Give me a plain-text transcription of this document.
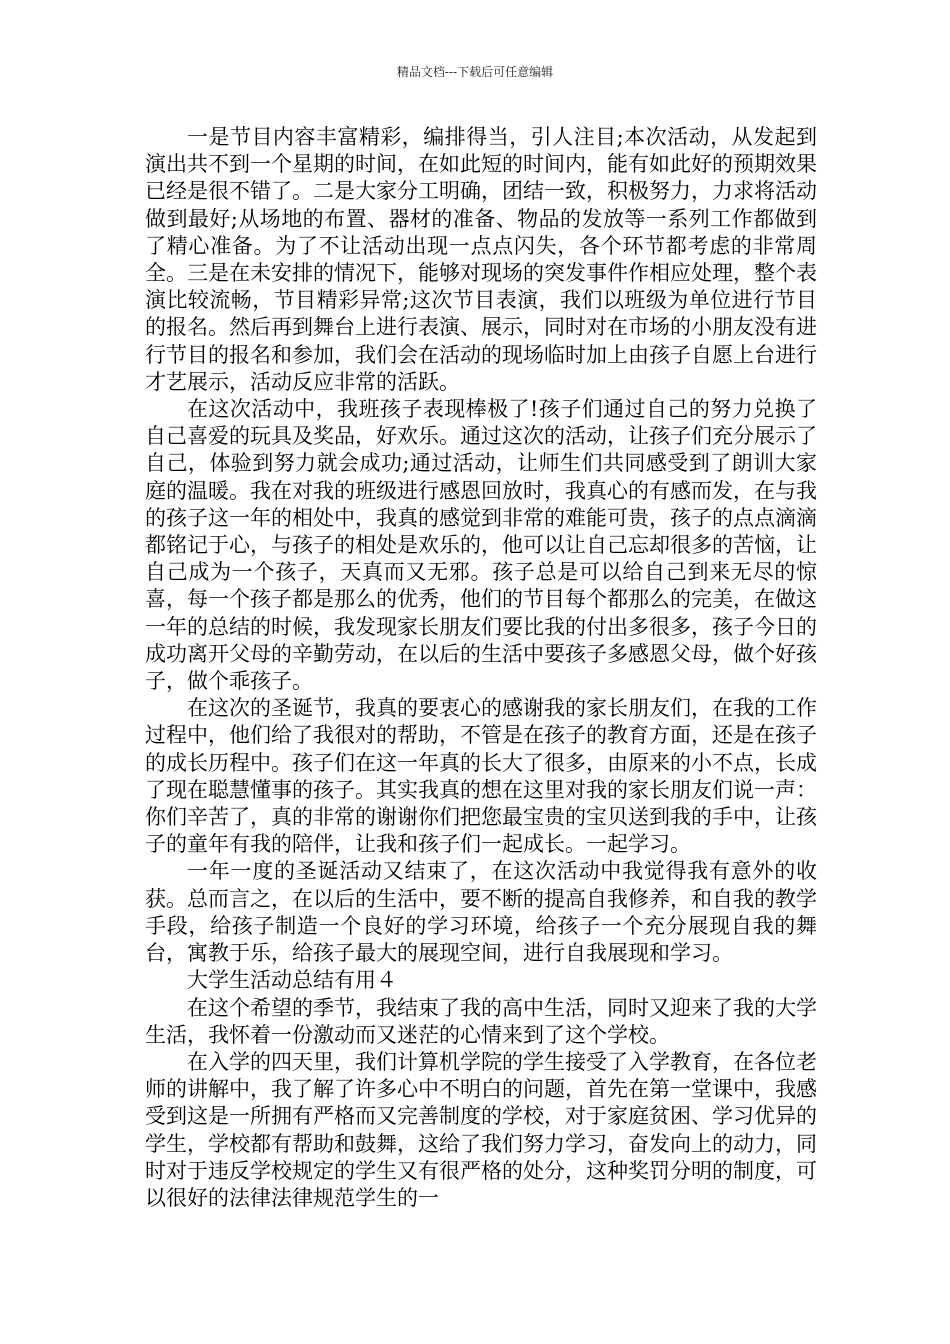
精品文档---下载后可任意编辑

一是节目内容丰富精彩，编排得当，引人注目;本次活动，从发起到演出共不到一个星期的时间，在如此短的时间内，能有如此好的预期效果已经是很不错了。二是大家分工明确，团结一致，积极努力，力求将活动做到最好;从场地的布置、器材的准备、物品的发放等一系列工作都做到了精心准备。为了不让活动出现一点点闪失，各个环节都考虑的非常周全。三是在未安排的情况下，能够对现场的突发事件作相应处理，整个表演比较流畅，节目精彩异常;这次节目表演，我们以班级为单位进行节目的报名。然后再到舞台上进行表演、展示，同时对在市场的小朋友没有进行节目的报名和参加，我们会在活动的现场临时加上由孩子自愿上台进行才艺展示，活动反应非常的活跃。

在这次活动中，我班孩子表现棒极了!孩子们通过自己的努力兑换了自己喜爱的玩具及奖品，好欢乐。通过这次的活动，让孩子们充分展示了自己，体验到努力就会成功;通过活动，让师生们共同感受到了朗训大家庭的温暖。我在对我的班级进行感恩回放时，我真心的有感而发，在与我的孩子这一年的相处中，我真的感觉到非常的难能可贵，孩子的点点滴滴都铭记于心，与孩子的相处是欢乐的，他可以让自己忘却很多的苦恼，让自己成为一个孩子，天真而又无邪。孩子总是可以给自己到来无尽的惊喜，每一个孩子都是那么的优秀，他们的节目每个都那么的完美，在做这一年的总结的时候，我发现家长朋友们要比我的付出多很多，孩子今日的成功离开父母的辛勤劳动，在以后的生活中要孩子多感恩父母，做个好孩子，做个乖孩子。

在这次的圣诞节，我真的要衷心的感谢我的家长朋友们，在我的工作过程中，他们给了我很对的帮助，不管是在孩子的教育方面，还是在孩子的成长历程中。孩子们在这一年真的长大了很多，由原来的小不点，长成了现在聪慧懂事的孩子。其实我真的想在这里对我的家长朋友们说一声：你们辛苦了，真的非常的谢谢你们把您最宝贵的宝贝送到我的手中，让孩子的童年有我的陪伴，让我和孩子们一起成长。一起学习。

一年一度的圣诞活动又结束了，在这次活动中我觉得我有意外的收获。总而言之，在以后的生活中，要不断的提高自我修养，和自我的教学手段，给孩子制造一个良好的学习环境，给孩子一个充分展现自我的舞台，寓教于乐，给孩子最大的展现空间，进行自我展现和学习。

大学生活动总结有用４

在这个希望的季节，我结束了我的高中生活，同时又迎来了我的大学生活，我怀着一份激动而又迷茫的心情来到了这个学校。

在入学的四天里，我们计算机学院的学生接受了入学教育，在各位老师的讲解中，我了解了许多心中不明白的问题，首先在第一堂课中，我感受到这是一所拥有严格而又完善制度的学校，对于家庭贫困、学习优异的学生，学校都有帮助和鼓舞，这给了我们努力学习，奋发向上的动力，同时对于违反学校规定的学生又有很严格的处分，这种奖罚分明的制度，可以很好的法律法律规范学生的一
